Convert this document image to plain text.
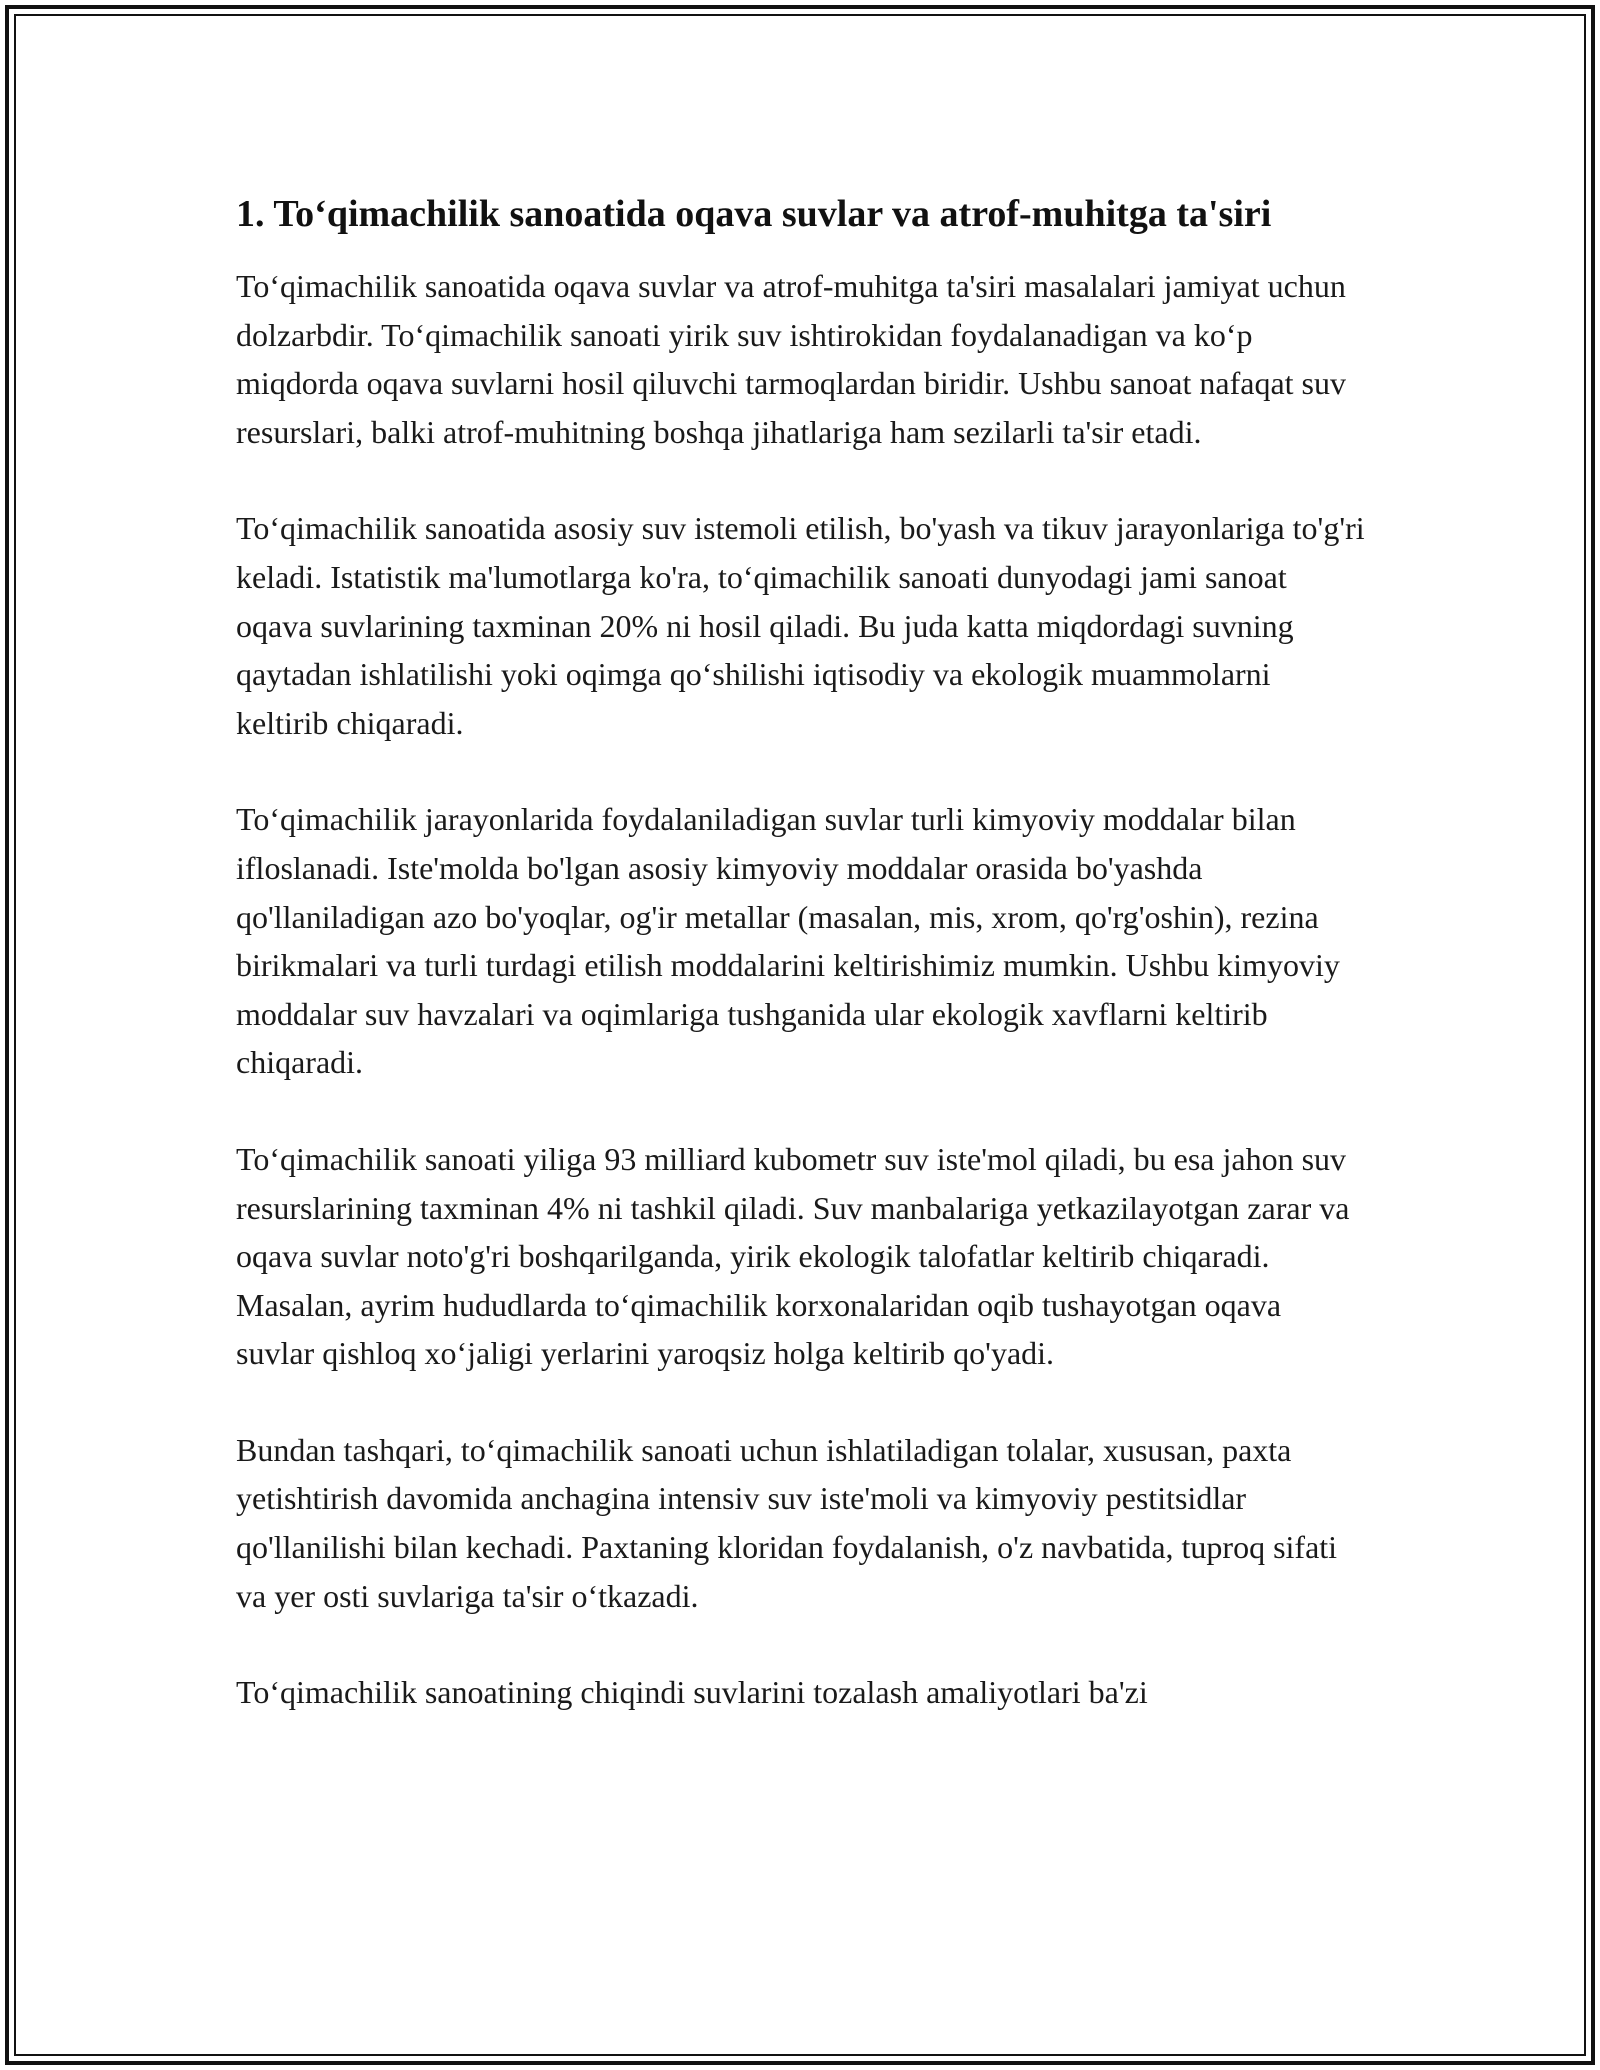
1. To‘qimachilik sanoatida oqava suvlar va atrof-muhitga ta'siri

To‘qimachilik sanoatida oqava suvlar va atrof-muhitga ta'siri masalalari jamiyat uchun dolzarbdir. To‘qimachilik sanoati yirik suv ishtirokidan foydalanadigan va ko‘p miqdorda oqava suvlarni hosil qiluvchi tarmoqlardan biridir. Ushbu sanoat nafaqat suv resurslari, balki atrof-muhitning boshqa jihatlariga ham sezilarli ta'sir etadi.

To‘qimachilik sanoatida asosiy suv istemoli etilish, bo'yash va tikuv jarayonlariga to'g'ri keladi. Istatistik ma'lumotlarga ko'ra, to‘qimachilik sanoati dunyodagi jami sanoat oqava suvlarining taxminan 20% ni hosil qiladi. Bu juda katta miqdordagi suvning qaytadan ishlatilishi yoki oqimga qo‘shilishi iqtisodiy va ekologik muammolarni keltirib chiqaradi.

To‘qimachilik jarayonlarida foydalaniladigan suvlar turli kimyoviy moddalar bilan ifloslanadi. Iste'molda bo'lgan asosiy kimyoviy moddalar orasida bo'yashda qo'llaniladigan azo bo'yoqlar, og'ir metallar (masalan, mis, xrom, qo'rg'oshin), rezina birikmalari va turli turdagi etilish moddalarini keltirishimiz mumkin. Ushbu kimyoviy moddalar suv havzalari va oqimlariga tushganida ular ekologik xavflarni keltirib chiqaradi.

To‘qimachilik sanoati yiliga 93 milliard kubometr suv iste'mol qiladi, bu esa jahon suv resurslarining taxminan 4% ni tashkil qiladi. Suv manbalariga yetkazilayotgan zarar va oqava suvlar noto'g'ri boshqarilganda, yirik ekologik talofatlar keltirib chiqaradi. Masalan, ayrim hududlarda to‘qimachilik korxonalaridan oqib tushayotgan oqava suvlar qishloq xo‘jaligi yerlarini yaroqsiz holga keltirib qo'yadi.

Bundan tashqari, to‘qimachilik sanoati uchun ishlatiladigan tolalar, xususan, paxta yetishtirish davomida anchagina intensiv suv iste'moli va kimyoviy pestitsidlar qo'llanilishi bilan kechadi. Paxtaning kloridan foydalanish, o'z navbatida, tuproq sifati va yer osti suvlariga ta'sir o‘tkazadi.

To‘qimachilik sanoatining chiqindi suvlarini tozalash amaliyotlari ba'zi
